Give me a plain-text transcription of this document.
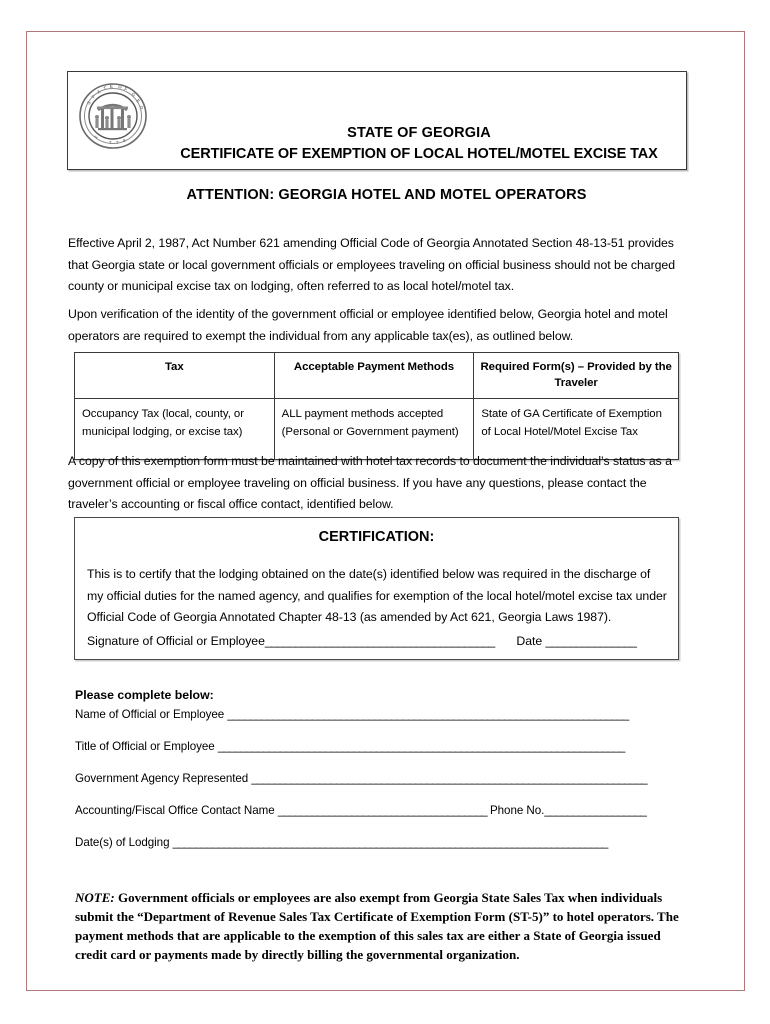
S
T
A
T E O F
G
E
O
1
7 7 6	STATE OF GEORGIA
CERTIFICATE OF EXEMPTION OF LOCAL HOTEL/MOTEL EXCISE TAX
ATTENTION: GEORGIA HOTEL AND MOTEL OPERATORS
Effective April 2, 1987, Act Number 621 amending Official Code of Georgia Annotated Section 48-13-51 provides that Georgia state or local government officials or employees traveling on official business should not be charged county or municipal excise tax on lodging, often referred to as local hotel/motel tax.
Upon verification of the identity of the government official or employee identified below, Georgia hotel and motel operators are required to exempt the individual from any applicable tax(es), as outlined below.
Tax	Acceptable Payment Methods	Required Form(s) – Provided by the Traveler
Occupancy Tax (local, county, or municipal lodging, or excise tax)	ALL payment methods accepted (Personal or Government payment)	State of GA Certificate of Exemption of Local Hotel/Motel Excise Tax
A copy of this exemption form must be maintained with hotel tax records to document the individual’s status as a government official or employee traveling on official business. If you have any questions, please contact the traveler’s accounting or fiscal office contact, identified below.
CERTIFICATION:
This is to certify that the lodging obtained on the date(s) identified below was required in the discharge of my official duties for the named agency, and qualifies for exemption of the local hotel/motel excise tax under Official Code of Georgia Annotated Chapter 48-13 (as amended by Act 621, Georgia Laws 1987).
Signature of Official or Employee______________________________________ Date _______________
Please complete below:
Name of Official or Employee _______________________________________________________________________
Title of Official or Employee ________________________________________________________________________
Government Agency Represented ______________________________________________________________________
Accounting/Fiscal Office Contact Name _____________________________________ Phone No.__________________
Date(s) of Lodging _____________________________________________________________________________
NOTE: Government officials or employees are also exempt from Georgia State Sales Tax when individuals submit the “Department of Revenue Sales Tax Certificate of Exemption Form (ST-5)” to hotel operators. The payment methods that are applicable to the exemption of this sales tax are either a State of Georgia issued credit card or payments made by directly billing the governmental organization.
